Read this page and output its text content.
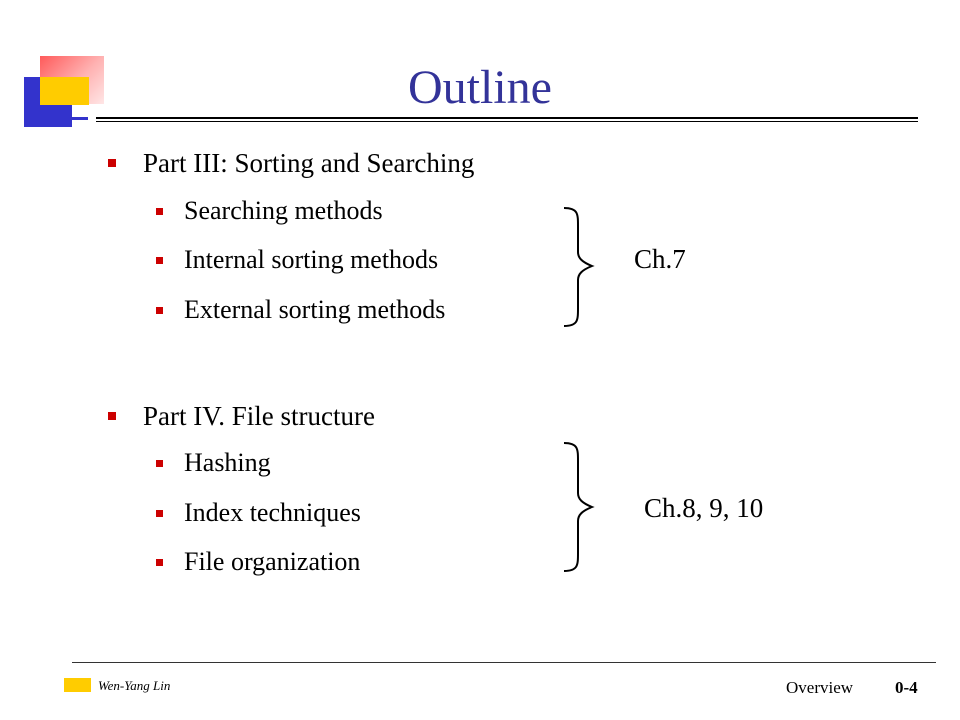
Outline
Part III: Sorting and Searching
Searching methods
Internal sorting methods
External sorting methods
Ch.7
Part IV. File structure
Hashing
Index techniques
File organization
Ch.8, 9, 10
Wen-Yang Lin	Overview 0-4
